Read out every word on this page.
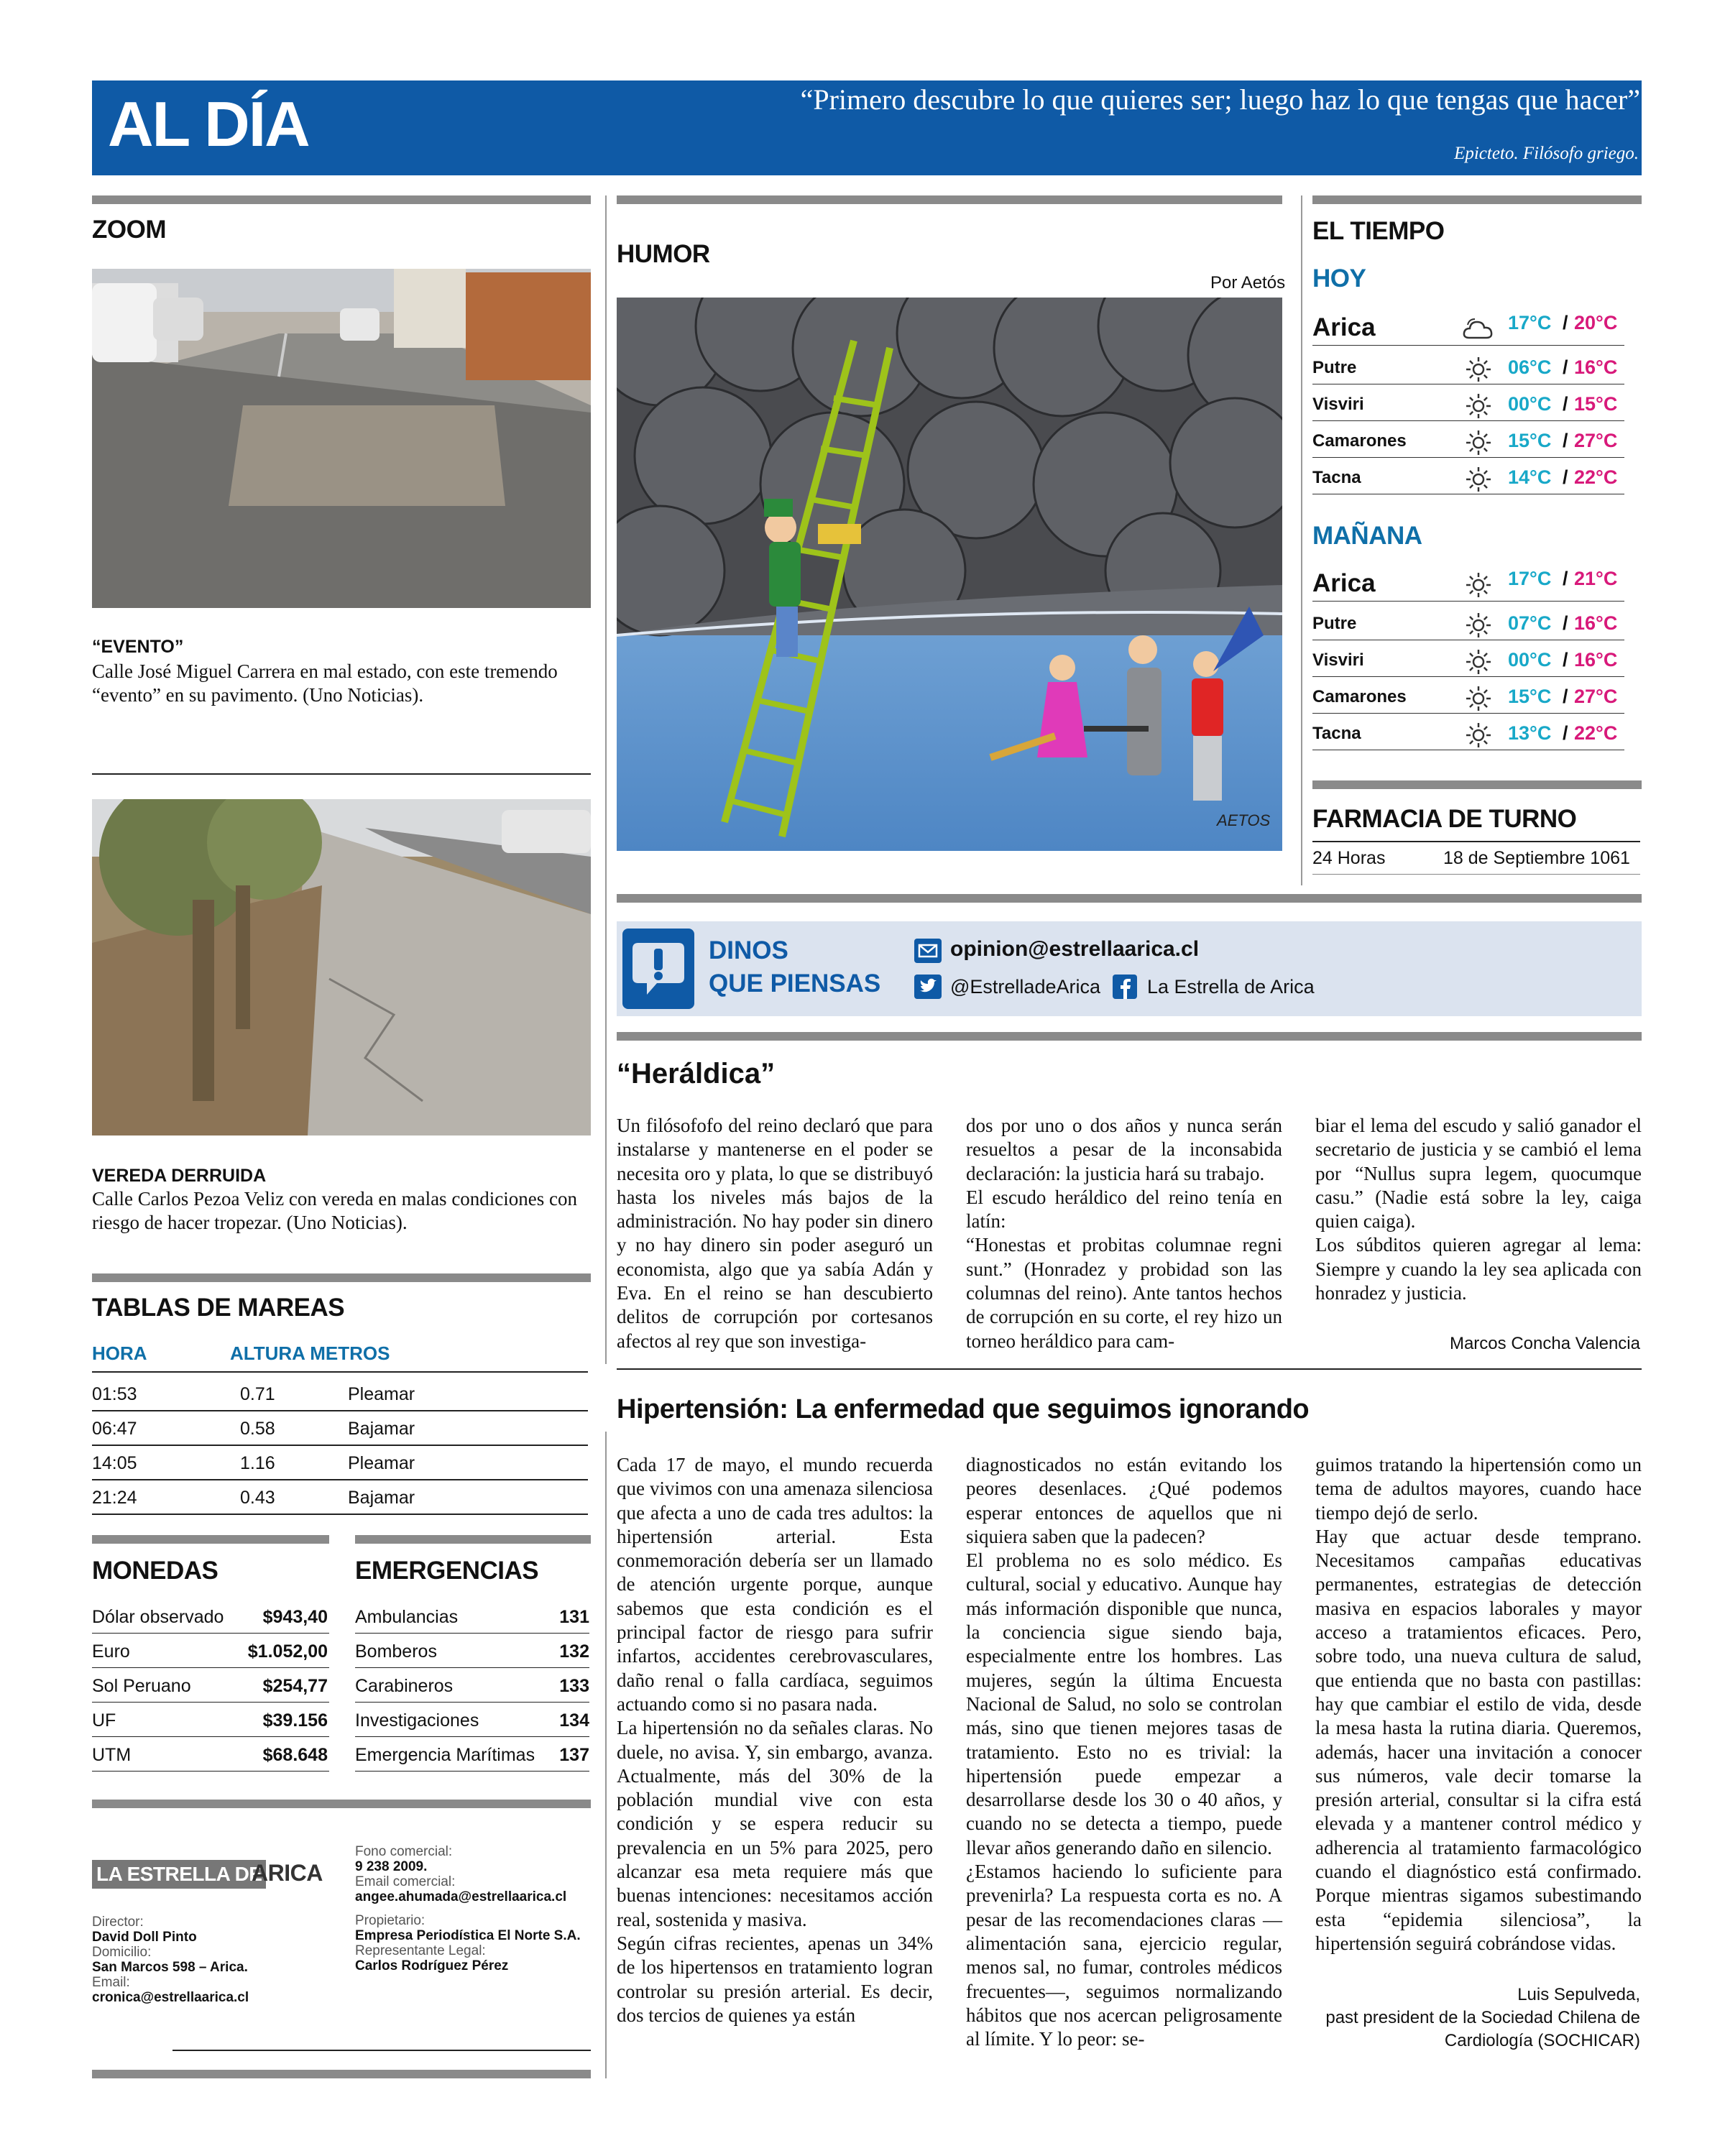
AL DÍA	“Primero descubre lo que quieres ser; luego haz lo que tengas que hacer”
Epicteto. Filósofo griego.
ZOOM
“EVENTO”
Calle José Miguel Carrera en mal estado, con este tremendo “evento” en su pavimento. (Uno Noticias).
VEREDA DERRUIDA
Calle Carlos Pezoa Veliz con vereda en malas condiciones con riesgo de hacer tropezar. (Uno Noticias).
TABLAS DE MAREAS
HORA	ALTURA METROS
01:53	0.71	Pleamar
06:47	0.58	Bajamar
14:05	1.16	Pleamar
21:24	0.43	Bajamar
MONEDAS	EMERGENCIAS
Dólar observado $943,40
Euro	$1.052,00
Sol Peruano	$254,77
UF	$39.156
UTM	$68.648
Ambulancias	131
Bomberos	132
Carabineros	133
Investigaciones	134
Emergencia Marítimas 137
LA ESTRELLA DE
ARICA
Director:
David Doll Pinto
Domicilio:
San Marcos 598 – Arica.
Email:
cronica@estrellaarica.cl
Fono comercial:
9 238 2009.
Email comercial:
angee.ahumada@estrellaarica.cl
Propietario:
Empresa Periodística El Norte S.A.
Representante Legal:
Carlos Rodríguez Pérez
HUMOR
Por Aetós
AETOS
EL TIEMPO
HOY
Arica	17°C / 20°C
Putre	06°C / 16°C
Visviri	00°C / 15°C
Camarones	15°C / 27°C
Tacna	14°C / 22°C
MAÑANA
Arica	17°C / 21°C
Putre	07°C / 16°C
Visviri	00°C / 16°C
Camarones	15°C / 27°C
Tacna	13°C / 22°C
FARMACIA DE TURNO
24 Horas	18 de Septiembre 1061
DINOS
QUE PIENSAS
opinion@estrellaarica.cl
@EstrelladeArica La Estrella de Arica
“Heráldica”

Un filósofofo del reino declaró que para instalarse y mantenerse en el poder se necesita oro y plata, lo que se distribuyó hasta los niveles más bajos de la administración. No hay poder sin dinero y no hay dinero sin poder aseguró un economista, algo que ya sabía Adán y Eva. En el reino se han descubierto delitos de corrupción por cortesanos afectos al rey que son investiga-

dos por uno o dos años y nunca serán resueltos a pesar de la inconsabida declaración: la justicia hará su trabajo.

El escudo heráldico del reino tenía en latín:

“Honestas et probitas columnae regni sunt.” (Honradez y probidad son las columnas del reino). Ante tantos hechos de corrupción en su corte, el rey hizo un torneo heráldico para cam-

biar el lema del escudo y salió ganador el secretario de justicia y se cambió el lema por “Nullus supra legem, quocumque casu.” (Nadie está sobre la ley, caiga quien caiga).

Los súbditos quieren agregar al lema: Siempre y cuando la ley sea aplicada con honradez y justicia.

Marcos Concha Valencia
Hipertensión: La enfermedad que seguimos ignorando

Cada 17 de mayo, el mundo recuerda que vivimos con una amenaza silenciosa que afecta a uno de cada tres adultos: la hipertensión arterial. Esta conmemoración debería ser un llamado de atención urgente porque, aunque sabemos que esta condición es el principal factor de riesgo para sufrir infartos, accidentes cerebrovasculares, daño renal o falla cardíaca, seguimos actuando como si no pasara nada.

La hipertensión no da señales claras. No duele, no avisa. Y, sin embargo, avanza. Actualmente, más del 30% de la población mundial vive con esta condición y se espera reducir su prevalencia en un 5% para 2025, pero alcanzar esa meta requiere más que buenas intenciones: necesitamos acción real, sostenida y masiva.

Según cifras recientes, apenas un 34% de los hipertensos en tratamiento logran controlar su presión arterial. Es decir, dos tercios de quienes ya están

diagnosticados no están evitando los peores desenlaces. ¿Qué podemos esperar entonces de aquellos que ni siquiera saben que la padecen?

El problema no es solo médico. Es cultural, social y educativo. Aunque hay más información disponible que nunca, la conciencia sigue siendo baja, especialmente entre los hombres. Las mujeres, según la última Encuesta Nacional de Salud, no solo se controlan más, sino que tienen mejores tasas de tratamiento. Esto no es trivial: la hipertensión puede empezar a desarrollarse desde los 30 o 40 años, y cuando no se detecta a tiempo, puede llevar años generando daño en silencio.

¿Estamos haciendo lo suficiente para prevenirla? La respuesta corta es no. A pesar de las recomendaciones claras —alimentación sana, ejercicio regular, menos sal, no fumar, controles médicos frecuentes—, seguimos normalizando hábitos que nos acercan peligrosamente al límite. Y lo peor: se-

guimos tratando la hipertensión como un tema de adultos mayores, cuando hace tiempo dejó de serlo.

Hay que actuar desde temprano. Necesitamos campañas educativas permanentes, estrategias de detección masiva en espacios laborales y mayor acceso a tratamientos eficaces. Pero, sobre todo, una nueva cultura de salud, que entienda que no basta con pastillas: hay que cambiar el estilo de vida, desde la mesa hasta la rutina diaria. Queremos, además, hacer una invitación a conocer sus números, vale decir tomarse la presión arterial, consultar si la cifra está elevada y a mantener control médico y adherencia al tratamiento farmacológico cuando el diagnóstico está confirmado. Porque mientras sigamos subestimando esta “epidemia silenciosa”, la hipertensión seguirá cobrándose vidas.

Luis Sepulveda,
past president de la Sociedad Chilena de
Cardiología (SOCHICAR)
